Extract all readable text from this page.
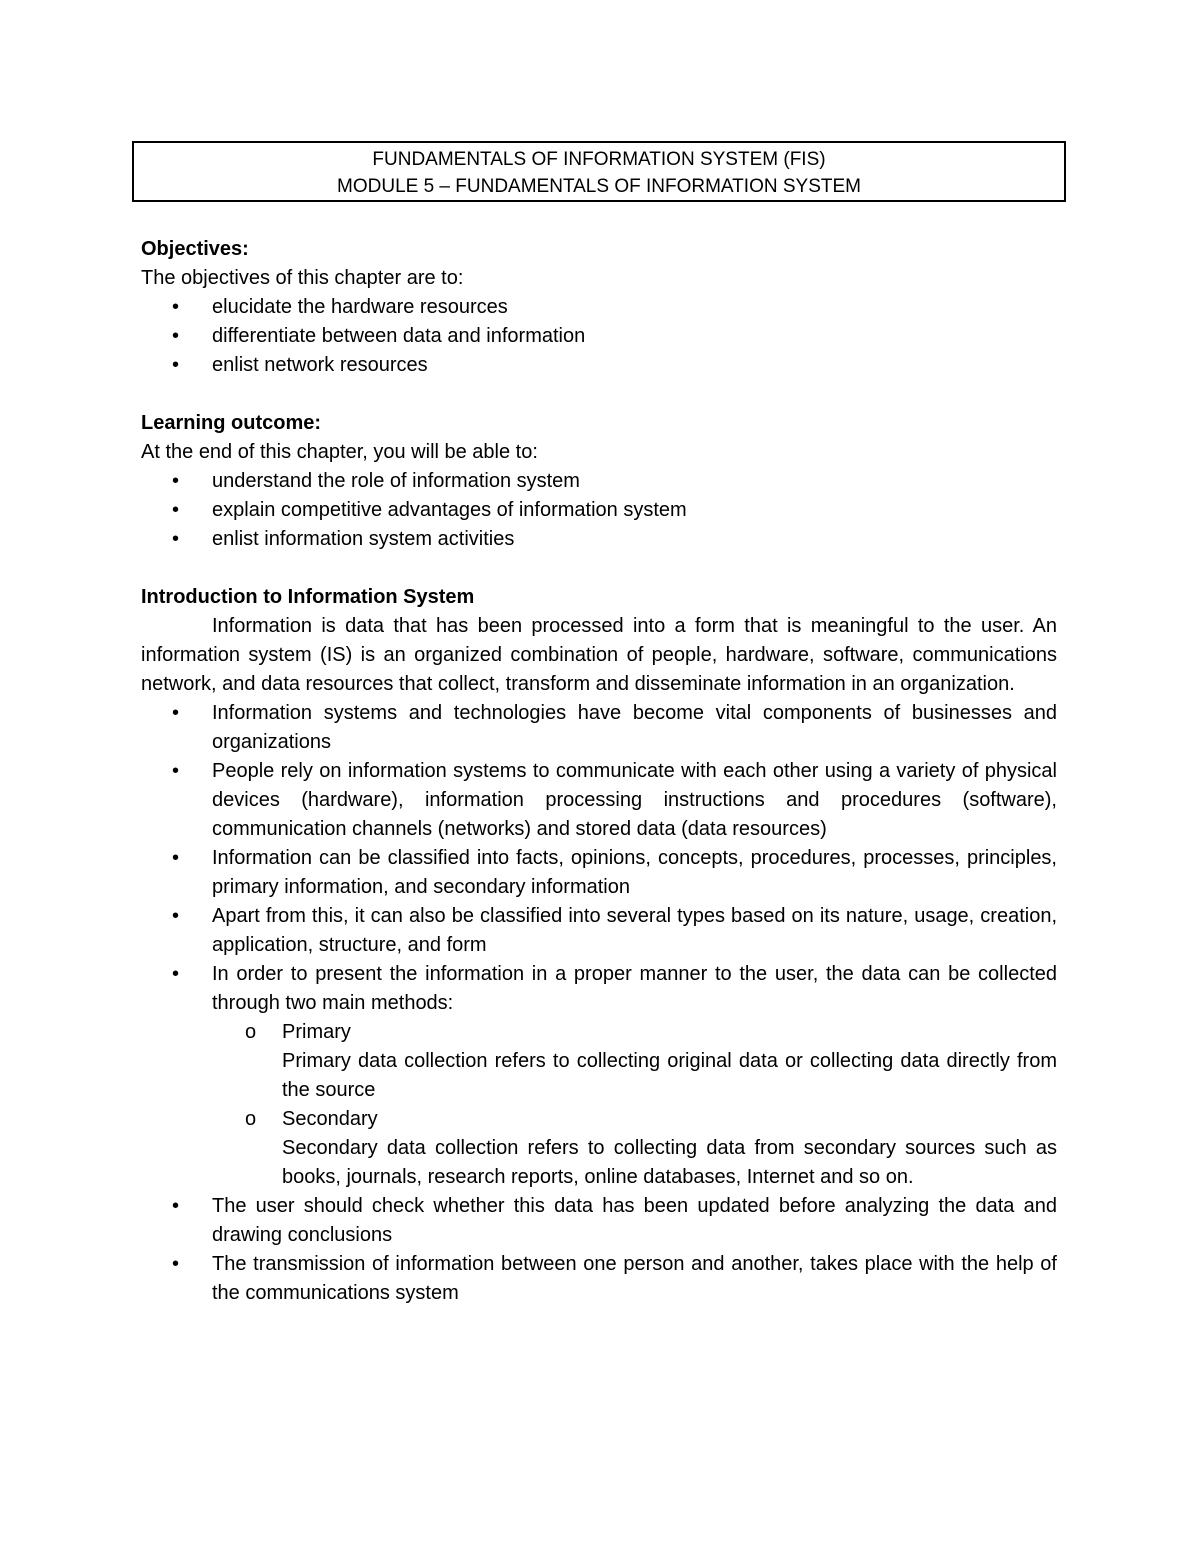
FUNDAMENTALS OF INFORMATION SYSTEM (FIS)
MODULE 5 – FUNDAMENTALS OF INFORMATION SYSTEM
Objectives:
The objectives of this chapter are to:
• elucidate the hardware resources
• differentiate between data and information
• enlist network resources
Learning outcome:
At the end of this chapter, you will be able to:
• understand the role of information system
• explain competitive advantages of information system
• enlist information system activities
Introduction to Information System
Information is data that has been processed into a form that is meaningful to the user. An information system (IS) is an organized combination of people, hardware, software, communications network, and data resources that collect, transform and disseminate information in an organization.
• Information systems and technologies have become vital components of businesses and organizations
• People rely on information systems to communicate with each other using a variety of physical devices (hardware), information processing instructions and procedures (software), communication channels (networks) and stored data (data resources)
• Information can be classified into facts, opinions, concepts, procedures, processes, principles, primary information, and secondary information
• Apart from this, it can also be classified into several types based on its nature, usage, creation, application, structure, and form
• In order to present the information in a proper manner to the user, the data can be collected through two main methods:
o Primary
Primary data collection refers to collecting original data or collecting data directly from the source
o Secondary
Secondary data collection refers to collecting data from secondary sources such as books, journals, research reports, online databases, Internet and so on.
• The user should check whether this data has been updated before analyzing the data and drawing conclusions
• The transmission of information between one person and another, takes place with the help of the communications system
